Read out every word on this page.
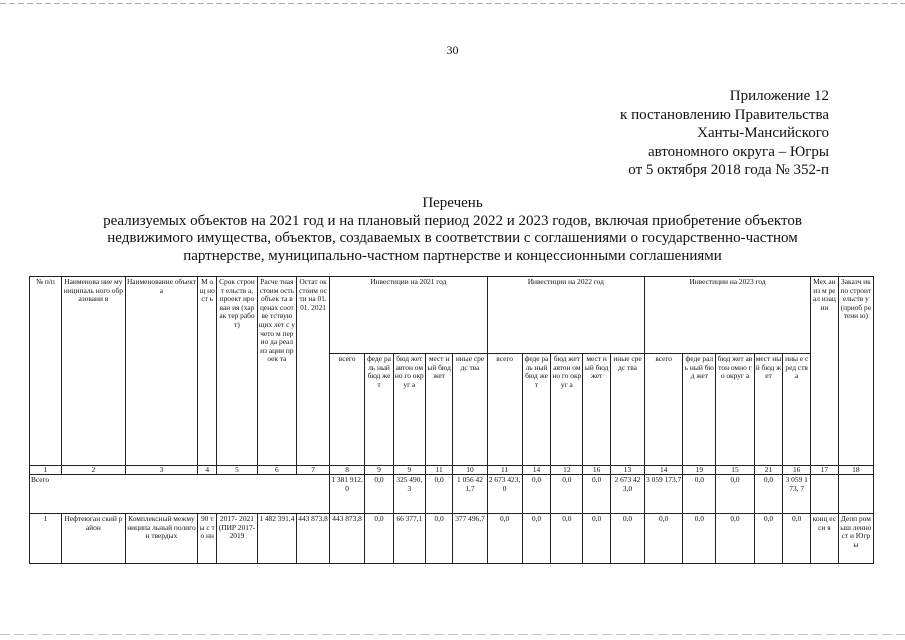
30
Приложение 12
к постановлению Правительства
Ханты-Мансийского
автономного округа – Югры
от 5 октября 2018 года № 352-п
Перечень
реализуемых объектов на 2021 год и на плановый период 2022 и 2023 годов, включая приобретение объектов
недвижимого имущества, объектов, создаваемых в соответствии с соглашениями о государственно-частном
партнерстве, муниципально-частном партнерстве и концессионными соглашениями
№ п/п	Наименова ние муниципаль ного образовани я	Наименование объекта	М ощ но ст ь	Срок строит ельств а, проект ирован ия (харак тер работ)	Расче тная стоим ость объек та в ценах соотве тствую щих лет с учето м перио да реализ ации проек та	Остат ок стоим ости на 01.01. 2021	Инвестиции на 2021 год					Инвестиции на 2022 год					Инвестиции на 2023 год					Мех аниз м реал изац ии	Заказч ик по строит ельств у (приоб ретени ю)
							всего	феде раль ный бюд жет	бюд жет автон омно го округ а	мест ный бюд жет	иные средс тва	всего	феде раль ный бюд жет	бюд жет автон омно го округ а	мест ный бюд жет	иные средс тва	всего	феде раль ный бюд жет	бюд жет автон омно го округ а	мест ный бюд жет	ины е сред ства		
1	2	3	4	5	6	7	8	9	9	11	10	11	14	12	16	13	14	19	15	21	16	17	18
Всего							1 381 912,0	0,0	325 490,3	0,0	1 056 421,7	2 673 423,0	0,0	0,0	0,0	2 673 423,0	3 059 173,7	0,0	0,0	0,0	3 059 173, 7		
1	Нефтеюган ский район	Комплексный межмуниципа льный полигон твердых	90 ты с то нн	2017- 2021 (ПИР 2017- 2019	1 482 391,4	443 873,8	443 873,8	0,0	66 377,1	0,0	377 496,7	0,0	0,0	0,0	0,0	0,0	0,0	0,0	0,0	0,0	0,0	конц есси я	Депп ромыш ленност и Югры
